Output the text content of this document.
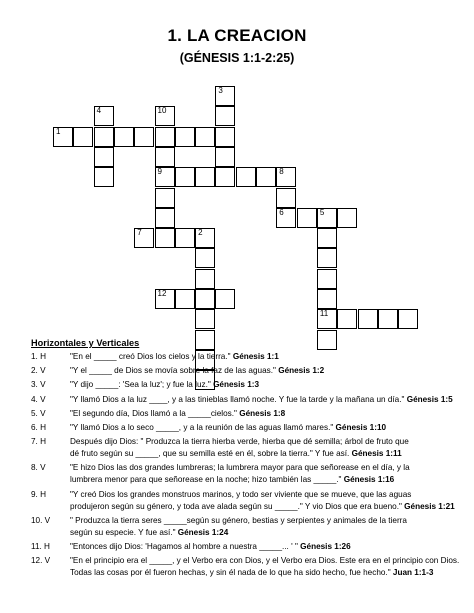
1. LA CREACION
(GÉNESIS 1:1-2:25)
3
4	10
9
1
8
6	5
11
7	2
12
Horizontales y Verticales
1. H	"En el _____ creó Dios los cielos y la tierra." Génesis 1:1
2. V	"Y el _____ de Dios se movía sobre la faz de las aguas." Génesis 1:2
3. V	"Y dijo _____: 'Sea la luz'; y fue la luz." Génesis 1:3
4. V	"Y llamó Dios a la luz ____, y a las tinieblas llamó noche. Y fue la tarde y la mañana un día." Génesis 1:5
5. V	"El segundo día, Dios llamó a la _____cielos." Génesis 1:8
6. H	"Y llamó Dios a lo seco _____, y a la reunión de las aguas llamó mares." Génesis 1:10
7. H	Después dijo Dios: " Produzca la tierra hierba verde, hierba que dé semilla; árbol de fruto que
dé fruto según su _____, que su semilla esté en él, sobre la tierra." Y fue así. Génesis 1:11
8. V	"E hizo Dios las dos grandes lumbreras; la lumbrera mayor para que señorease en el día, y la
lumbrera menor para que señorease en la noche; hizo también las _____." Génesis 1:16
9. H	"Y creó Dios los grandes monstruos marinos, y todo ser viviente que se mueve, que las aguas
produjeron según su género, y toda ave alada según su _____." Y vio Dios que era bueno." Génesis 1:21
10. V " Produzca la tierra seres _____según su género, bestias y serpientes y animales de la tierra
según su especie. Y fue así." Génesis 1:24
11. H "Entonces dijo Dios: 'Hagamos al hombre a nuestra _____... ' " Génesis 1:26
12. V "En el principio era el _____, y el Verbo era con Dios, y el Verbo era Dios. Este era en el principio con Dios.
Todas las cosas por él fueron hechas, y sin él nada de lo que ha sido hecho, fue hecho." Juan 1:1-3
